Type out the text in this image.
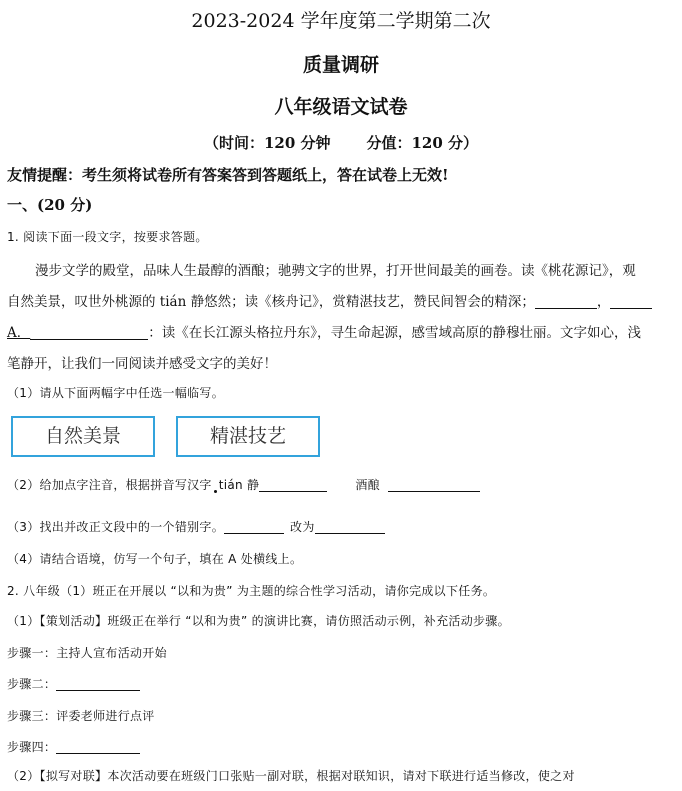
2023-2024 学年度第二学期第二次
质量调研
八年级语文试卷
（时间：120 分钟 分值：120 分）
友情提醒：考生须将试卷所有答案答到答题纸上，答在试卷上无效!
一、(20 分)
1. 阅读下面一段文字，按要求答题。
漫步文学的殿堂，品味人生最醇的酒酿；驰骋文字的世界，打开世间最美的画卷。读《桃花源记》，观
自然美景，叹世外桃源的 tián 静悠然；读《核舟记》，赏精湛技艺，赞民间智会的精深；	，
A．	：读《在长江源头格拉丹东》，寻生命起源，感雪域高原的静穆壮丽。文字如心，浅
笔静开，让我们一同阅读并感受文字的美好！
（1）请从下面两幅字中任选一幅临写。
自然美景	精湛技艺
（2）给加点字注音，根据拼音写汉字 tián 静	酒酿
（3）找出并改正文段中的一个错别字。	改为
（4）请结合语境，仿写一个句子，填在 A 处横线上。
2. 八年级（1）班正在开展以 “以和为贵” 为主题的综合性学习活动，请你完成以下任务。
（1）【策划活动】班级正在举行 “以和为贵” 的演讲比赛，请仿照活动示例，补充活动步骤。
步骤一：主持人宣布活动开始
步骤二：
步骤三：评委老师进行点评
步骤四：
（2）【拟写对联】本次活动要在班级门口张贴一副对联，根据对联知识，请对下联进行适当修改，使之对
